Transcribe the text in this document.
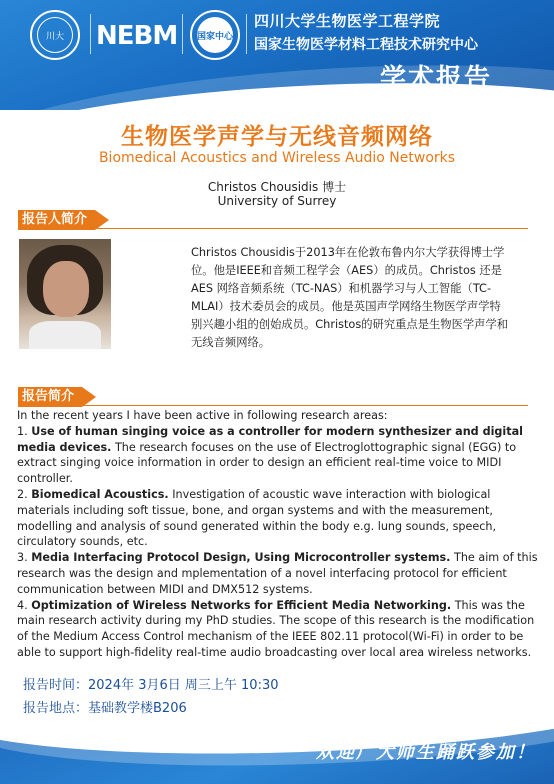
川大	NEBM 国家中心
四川大学生物医学工程学院
国家生物医学材料工程技术研究中心
学术报告
生物医学声学与无线音频网络
Biomedical Acoustics and Wireless Audio Networks
Christos Chousidis 博士
University of Surrey
报告人简介
Christos Chousidis于2013年在伦敦布鲁内尔大学获得博士学位。他是IEEE和音频工程学会（AES）的成员。Christos 还是 AES 网络音频系统（TC-NAS）和机器学习与人工智能（TC-MLAI）技术委员会的成员。他是英国声学网络生物医学声学特别兴趣小组的创始成员。Christos的研究重点是生物医学声学和无线音频网络。
报告简介

In the recent years I have been active in following research areas:

1. Use of human singing voice as a controller for modern synthesizer and digital media devices. The research focuses on the use of Electroglottographic signal (EGG) to extract singing voice information in order to design an efficient real-time voice to MIDI controller.

2. Biomedical Acoustics. Investigation of acoustic wave interaction with biological materials including soft tissue, bone, and organ systems and with the measurement, modelling and analysis of sound generated within the body e.g. lung sounds, speech, circulatory sounds, etc.

3. Media Interfacing Protocol Design, Using Microcontroller systems. The aim of this research was the design and mplementation of a novel interfacing protocol for efficient communication between MIDI and DMX512 systems.

4. Optimization of Wireless Networks for Efficient Media Networking. This was the main research activity during my PhD studies. The scope of this research is the modification of the Medium Access Control mechanism of the IEEE 802.11 protocol(Wi-Fi) in order to be able to support high-fidelity real-time audio broadcasting over local area wireless networks.

报告时间：2024年 3月6日 周三上午 10:30
报告地点：基础教学楼B206
欢迎广大师生踊跃参加！
